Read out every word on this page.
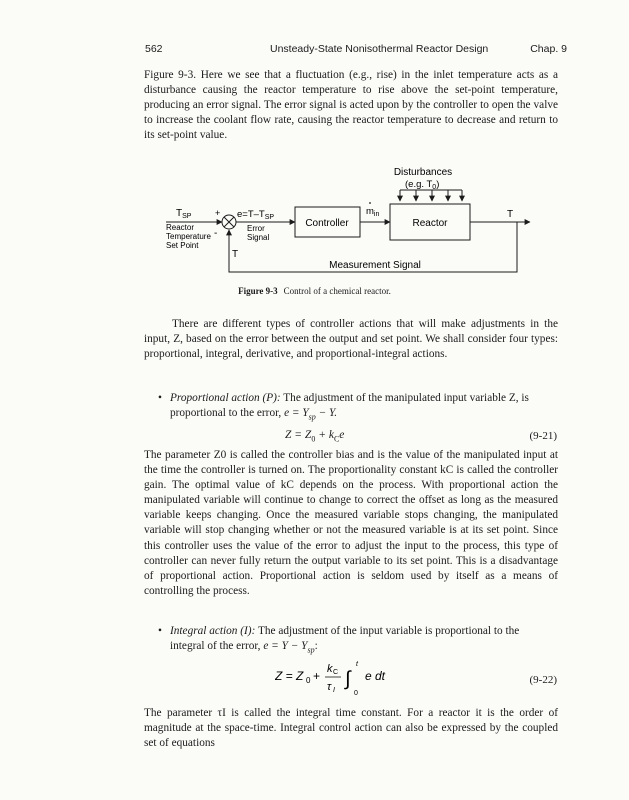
562	Unsteady-State Nonisothermal Reactor Design	Chap. 9
Figure 9-3. Here we see that a fluctuation (e.g., rise) in the inlet temperature acts as a disturbance causing the reactor temperature to rise above the set-point temperature, producing an error signal. The error signal is acted upon by the controller to open the valve to increase the coolant flow rate, causing the reactor temperature to decrease and return to its set-point value.
Disturbances
(e.g. $T_0$)
$T_{SP}$
Reactor Temperature Set Point
+
-
$e=T-T_{SP}$
Error Signal
Controller
$m_{in}$
Reactor
T
T
Measurement Signal
Figure 9-3 Control of a chemical reactor.
There are different types of controller actions that will make adjustments in the input, Z, based on the error between the output and set point. We shall consider four types: proportional, integral, derivative, and proportional-integral actions.
• Proportional action (P): The adjustment of the manipulated input variable Z, is proportional to the error, $e = Y_{sp} - Y$.
$Z = Z_0 + k_Ce$	(9-21)
The parameter Z0 is called the controller bias and is the value of the manipulated input at the time the controller is turned on. The proportionality constant kC is called the controller gain. The optimal value of kC depends on the process. With proportional action the manipulated variable will continue to change to correct the offset as long as the measured variable keeps changing. Once the measured variable stops changing, the manipulated variable will stop changing whether or not the measured variable is at its set point. Since this controller uses the value of the error to adjust the input to the process, this type of controller can never fully return the output variable to its set point. This is a disadvantage of proportional action. Proportional action is seldom used by itself as a means of controlling the process.
• Integral action (I): The adjustment of the input variable is proportional to the integral of the error, $e = Y - Y_{sp}$:
Z = Z 0 + k C
τ I
∫
t
0
e dt	(9-22)
The parameter τI is called the integral time constant. For a reactor it is the order of magnitude at the space-time. Integral control action can also be expressed by the coupled set of equations
